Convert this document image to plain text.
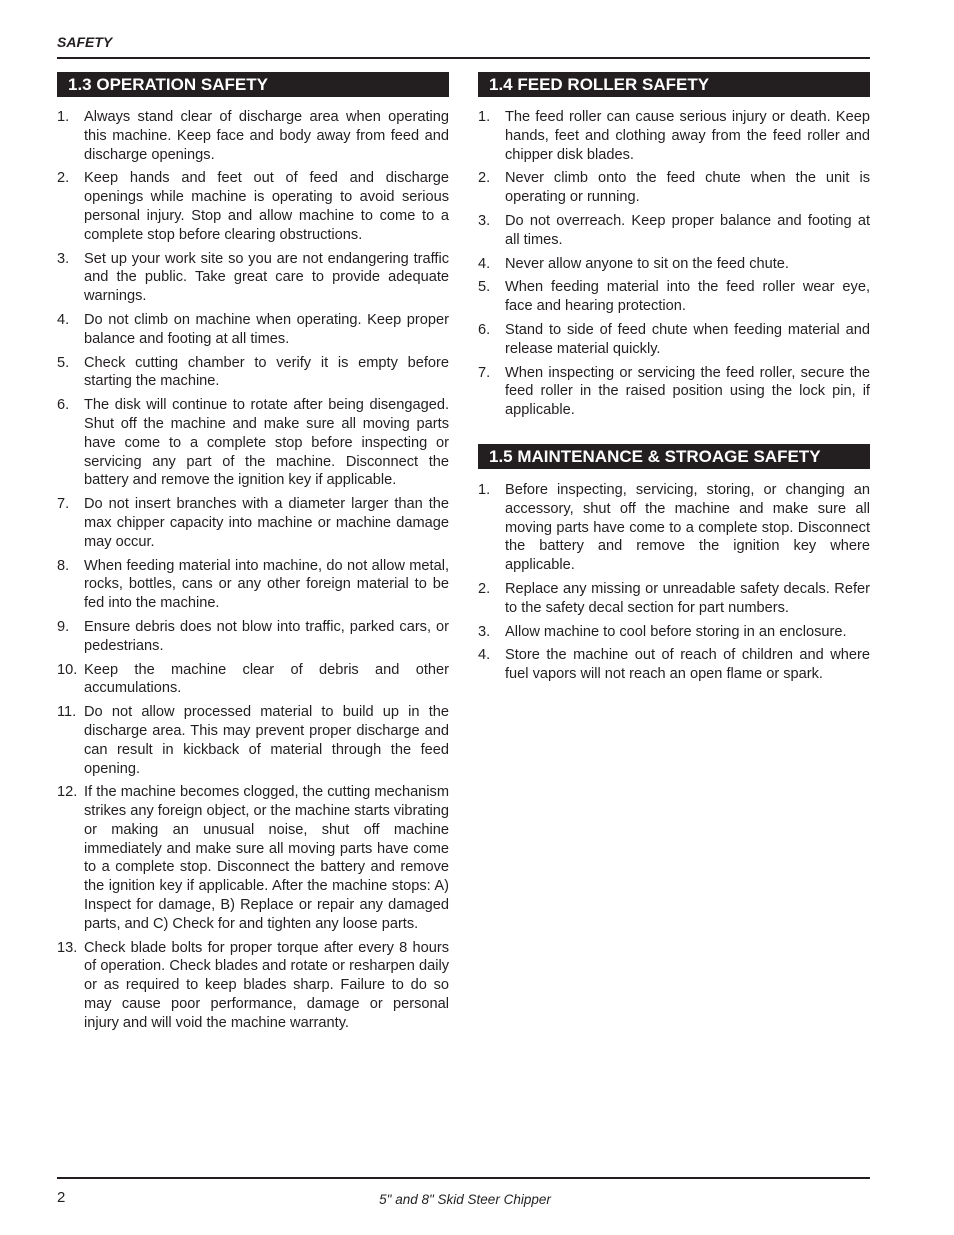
SAFETY
1.3 OPERATION SAFETY
1.	Always stand clear of discharge area when operating this machine. Keep face and body away from feed and discharge openings.
2.	Keep hands and feet out of feed and discharge openings while machine is operating to avoid serious personal injury. Stop and allow machine to come to a complete stop before clearing obstructions.
3.	Set up your work site so you are not endangering traffic and the public. Take great care to provide adequate warnings.
4.	Do not climb on machine when operating. Keep proper balance and footing at all times.
5.	Check cutting chamber to verify it is empty before starting the machine.
6.	The disk will continue to rotate after being disengaged. Shut off the machine and make sure all moving parts have come to a complete stop before inspecting or servicing any part of the machine. Disconnect the battery and remove the ignition key if applicable.
7.	Do not insert branches with a diameter larger than the max chipper capacity into machine or machine damage may occur.
8.	When feeding material into machine, do not allow metal, rocks, bottles, cans or any other foreign material to be fed into the machine.
9.	Ensure debris does not blow into traffic, parked cars, or pedestrians.
10. Keep the machine clear of debris and other accumulations.
11. Do not allow processed material to build up in the discharge area. This may prevent proper discharge and can result in kickback of material through the feed opening.
12. If the machine becomes clogged, the cutting mechanism strikes any foreign object, or the machine starts vibrating or making an unusual noise, shut off machine immediately and make sure all moving parts have come to a complete stop. Disconnect the battery and remove the ignition key if applicable. After the machine stops: A) Inspect for damage, B) Replace or repair any damaged parts, and C) Check for and tighten any loose parts.
13. Check blade bolts for proper torque after every 8 hours of operation. Check blades and rotate or resharpen daily or as required to keep blades sharp. Failure to do so may cause poor performance, damage or personal injury and will void the machine warranty.
1.4 FEED ROLLER SAFETY
1.	The feed roller can cause serious injury or death. Keep hands, feet and clothing away from the feed roller and chipper disk blades.
2.	Never climb onto the feed chute when the unit is operating or running.
3.	Do not overreach. Keep proper balance and footing at all times.
4.	Never allow anyone to sit on the feed chute.
5.	When feeding material into the feed roller wear eye, face and hearing protection.
6.	Stand to side of feed chute when feeding material and release material quickly.
7.	When inspecting or servicing the feed roller, secure the feed roller in the raised position using the lock pin, if applicable.
1.5 MAINTENANCE & STROAGE SAFETY
1.	Before inspecting, servicing, storing, or changing an accessory, shut off the machine and make sure all moving parts have come to a complete stop. Disconnect the battery and remove the ignition key where applicable.
2.	Replace any missing or unreadable safety decals. Refer to the safety decal section for part numbers.
3.	Allow machine to cool before storing in an enclosure.
4.	Store the machine out of reach of children and where fuel vapors will not reach an open flame or spark.
2	5" and 8" Skid Steer Chipper
